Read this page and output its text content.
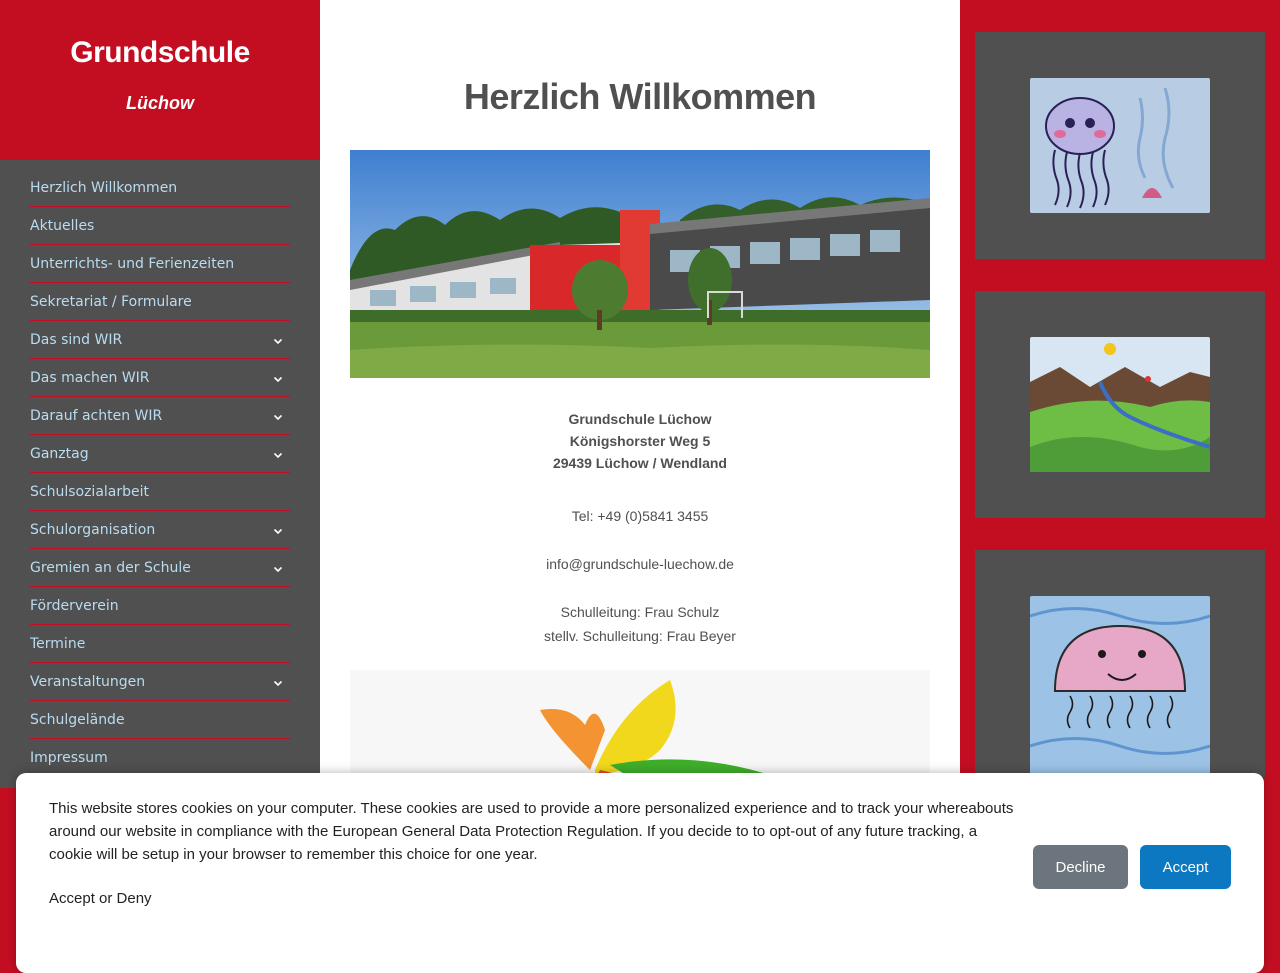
Grundschule
Lüchow
Herzlich Willkommen
Aktuelles
Unterrichts- und Ferienzeiten
Sekretariat / Formulare
Das sind WIR
Das machen WIR
Darauf achten WIR
Ganztag
Schulsozialarbeit
Schulorganisation
Gremien an der Schule
Förderverein
Termine
Veranstaltungen
Schulgelände
Impressum
Herzlich Willkommen
Grundschule Lüchow
Königshorster Weg 5
29439 Lüchow / Wendland
Tel: +49 (0)5841 3455
info@grundschule-luechow.de
Schulleitung: Frau Schulz
stellv. Schulleitung: Frau Beyer
This website stores cookies on your computer. These cookies are used to provide a more personalized experience and to track your whereabouts around our website in compliance with the European General Data Protection Regulation. If you decide to to opt-out of any future tracking, a cookie will be setup in your browser to remember this choice for one year.
Accept or Deny
Decline	Accept
